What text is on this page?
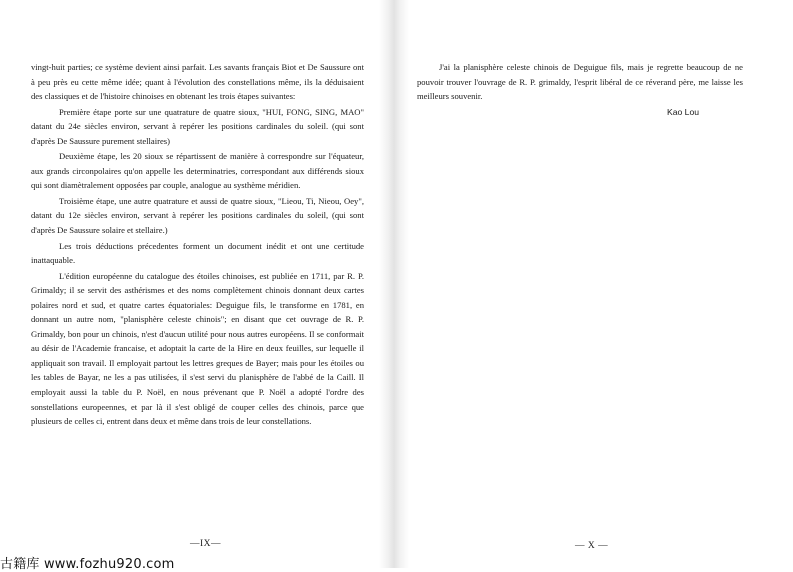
vingt-huit parties; ce système devient ainsi parfait. Les savants français Biot et De Saussure ont à peu près eu cette même idée; quant à l'évolution des constellations même, ils la déduisaient des classiques et de l'histoire chinoises en obtenant les trois étapes suivantes:

Première étape porte sur une quatrature de quatre sioux, "HUI, FONG, SING, MAO" datant du 24e siècles environ, servant à repérer les positions cardinales du soleil. (qui sont d'après De Saussure purement stellaires)

Deuxième étape, les 20 sioux se répartissent de manière à correspondre sur l'équateur, aux grands circonpolaires qu'on appelle les determinatries, correspondant aux différends sioux qui sont diamètralement opposées par couple, analogue au systhème méridien.

Troisième étape, une autre quatrature et aussi de quatre sioux, "Lieou, Ti, Nieou, Oey", datant du 12e siècles environ, servant à repérer les positions cardinales du soleil, (qui sont d'après De Saussure solaire et stellaire.)

Les trois déductions précedentes forment un document inédit et ont une certitude inattaquable.

L'édition européenne du catalogue des étoiles chinoises, est publiée en 1711, par R. P. Grimaldy; il se servit des asthérismes et des noms complètement chinois donnant deux cartes polaires nord et sud, et quatre cartes équatoriales: Deguigue fils, le transforme en 1781, en donnant un autre nom, "planisphère celeste chinois"; en disant que cet ouvrage de R. P. Grimaldy, bon pour un chinois, n'est d'aucun utilité pour nous autres européens. Il se conformait au désir de l'Academie francaise, et adoptait la carte de la Hire en deux feuilles, sur lequelle il appliquait son travail. Il employait partout les lettres greques de Bayer; mais pour les étoiles ou les tables de Bayar, ne les a pas utilisées, il s'est servi du planisphère de l'abbé de la Caill. Il employait aussi la table du P. Noël, en nous prévenant que P. Noël a adopté l'ordre des sonstellations europeennes, et par là il s'est obligé de couper celles des chinois, parce que plusieurs de celles ci, entrent dans deux et même dans trois de leur constellations.

—IX—

J'ai la planisphère celeste chinois de Deguigue fils, mais je regrette beaucoup de ne pouvoir trouver l'ouvrage de R. P. grimaldy, l'esprit libéral de ce réverand père, me laisse les meilleurs souvenir.

Kao Lou
— X —
古籍库 www.fozhu920.com
